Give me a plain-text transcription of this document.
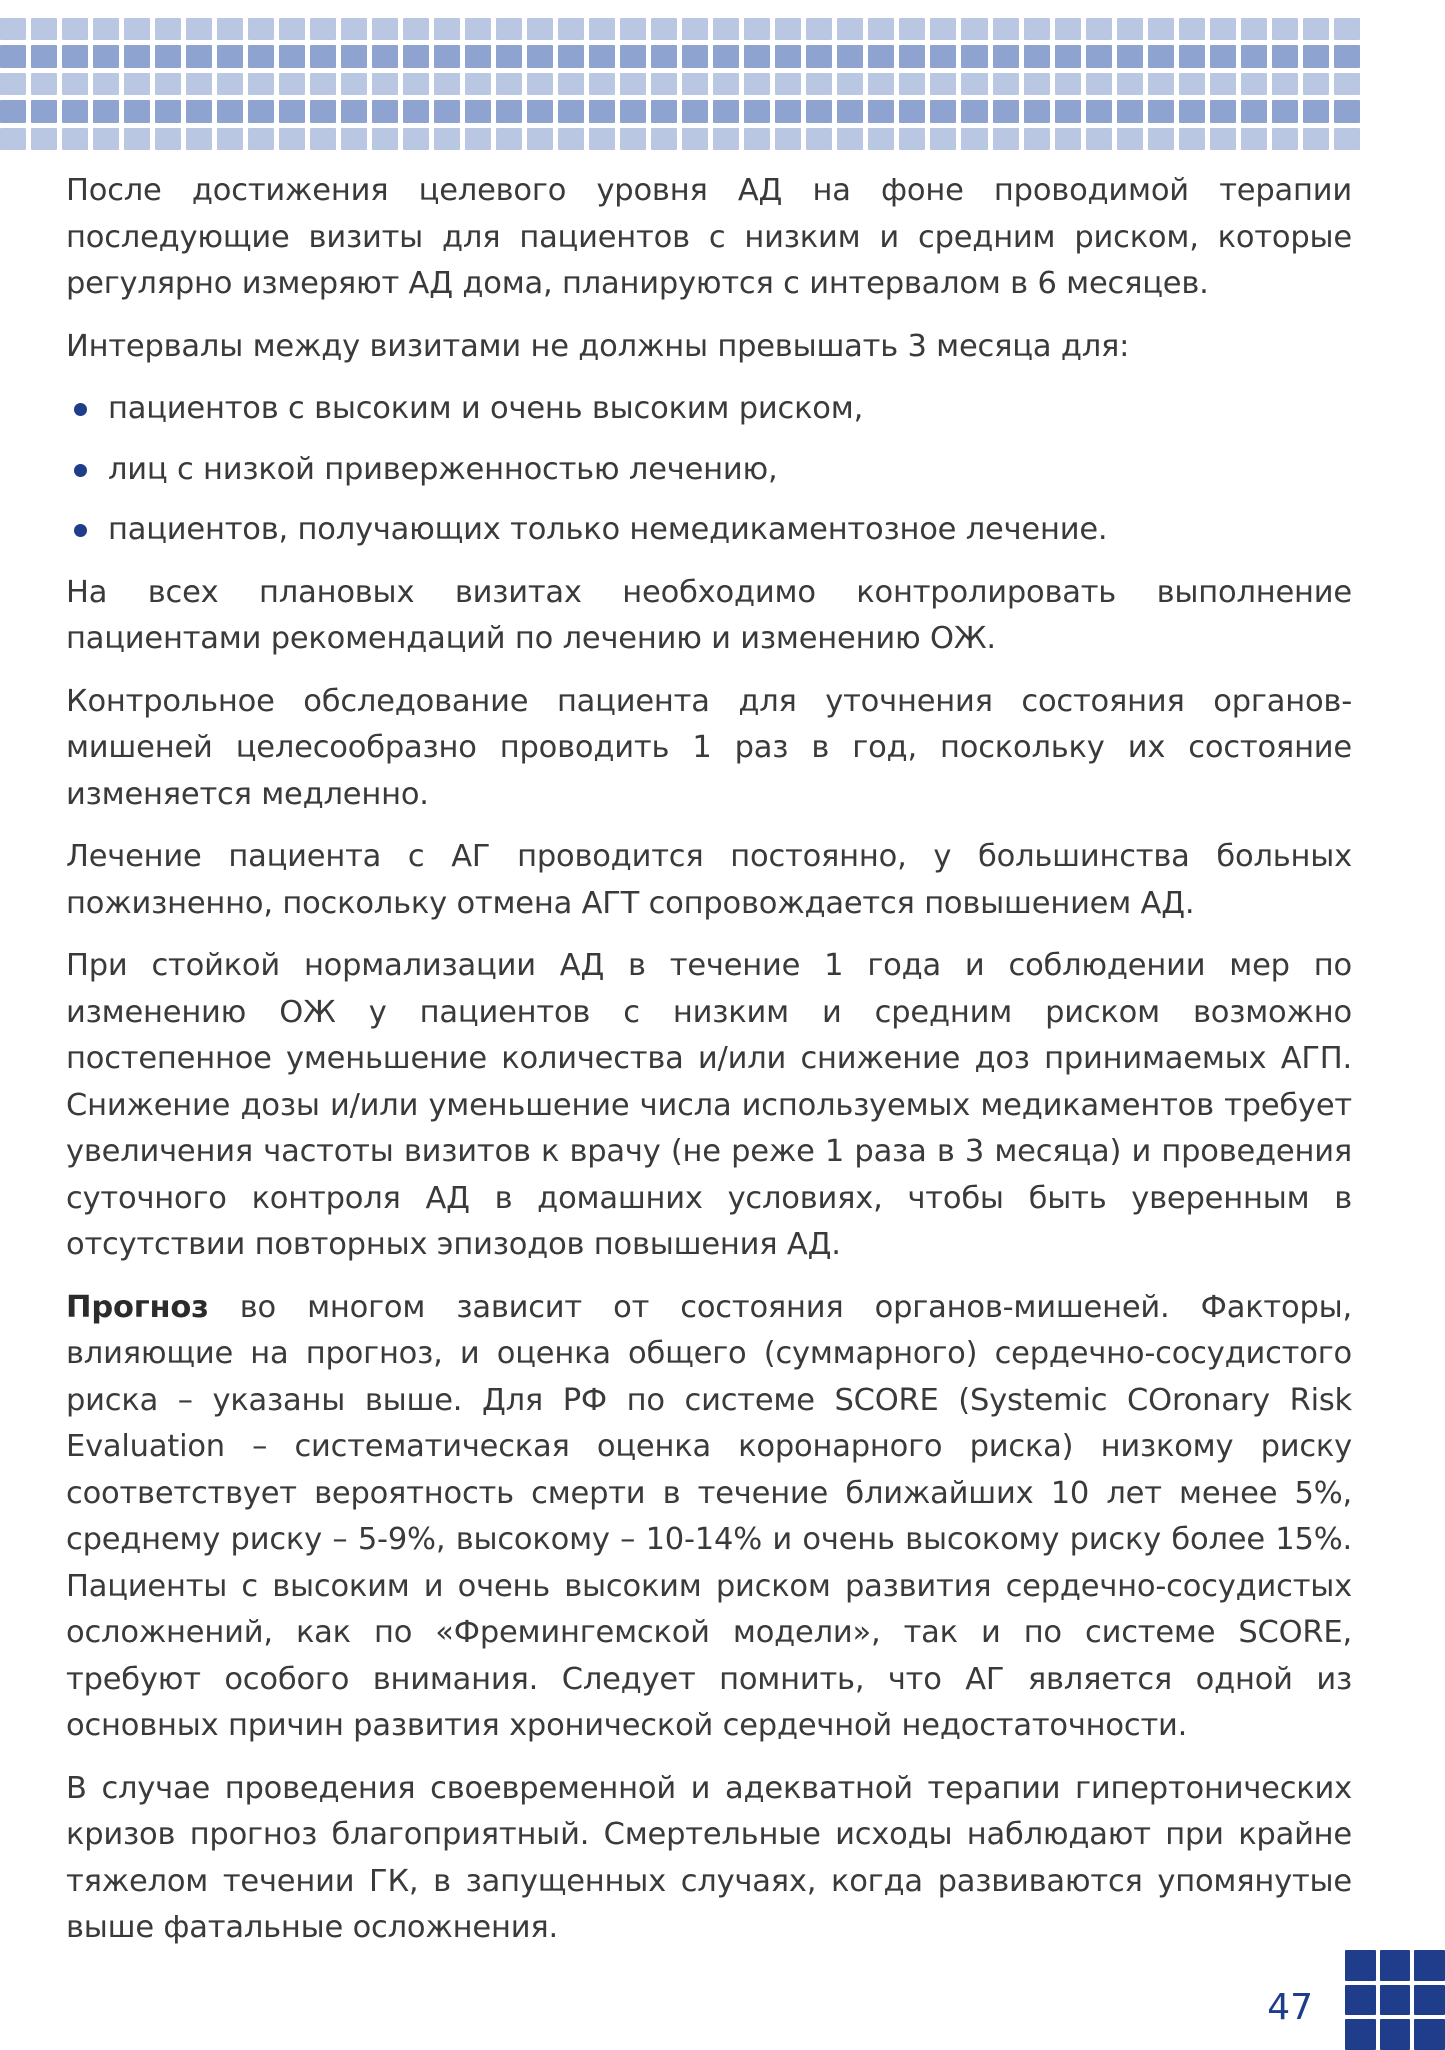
После достижения целевого уровня АД на фоне проводимой терапии последующие визиты для пациентов с низким и средним риском, которые регулярно измеряют АД дома, планируются с интервалом в 6 месяцев.

Интервалы между визитами не должны превышать 3 месяца для:

пациентов с высоким и очень высоким риском,
лиц с низкой приверженностью лечению,
пациентов, получающих только немедикаментозное лечение.

На всех плановых визитах необходимо контролировать выполнение пациентами рекомендаций по лечению и изменению ОЖ.

Контрольное обследование пациента для уточнения состояния органов-мишеней целесообразно проводить 1 раз в год, поскольку их состояние изменяется медленно.

Лечение пациента с АГ проводится постоянно, у большинства больных пожизненно, поскольку отмена АГТ сопровождается повышением АД.

При стойкой нормализации АД в течение 1 года и соблюдении мер по изменению ОЖ у пациентов с низким и средним риском возможно постепенное уменьшение количества и/или снижение доз принимаемых АГП. Снижение дозы и/или уменьшение числа используемых медикаментов требует увеличения частоты визитов к врачу (не реже 1 раза в 3 месяца) и проведения суточного контроля АД в домашних условиях, чтобы быть уверенным в отсутствии повторных эпизодов повышения АД.

Прогноз во многом зависит от состояния органов-мишеней. Факторы, влияющие на прогноз, и оценка общего (суммарного) сердечно-сосудистого риска – указаны выше. Для РФ по системе SCORE (Systemic COronary Risk Evaluation – систематическая оценка коронарного риска) низкому риску соответствует вероятность смерти в течение ближайших 10 лет менее 5%, среднему риску – 5-9%, высокому – 10-14% и очень высокому риску более 15%. Пациенты с высоким и очень высоким риском развития сердечно-сосудистых осложнений, как по «Фремингемской модели», так и по системе SCORE, требуют особого внимания. Следует помнить, что АГ является одной из основных причин развития хронической сердечной недостаточности.

В случае проведения своевременной и адекватной терапии гипертонических кризов прогноз благоприятный. Смертельные исходы наблюдают при крайне тяжелом течении ГК, в запущенных случаях, когда развиваются упомянутые выше фатальные осложнения.

47
